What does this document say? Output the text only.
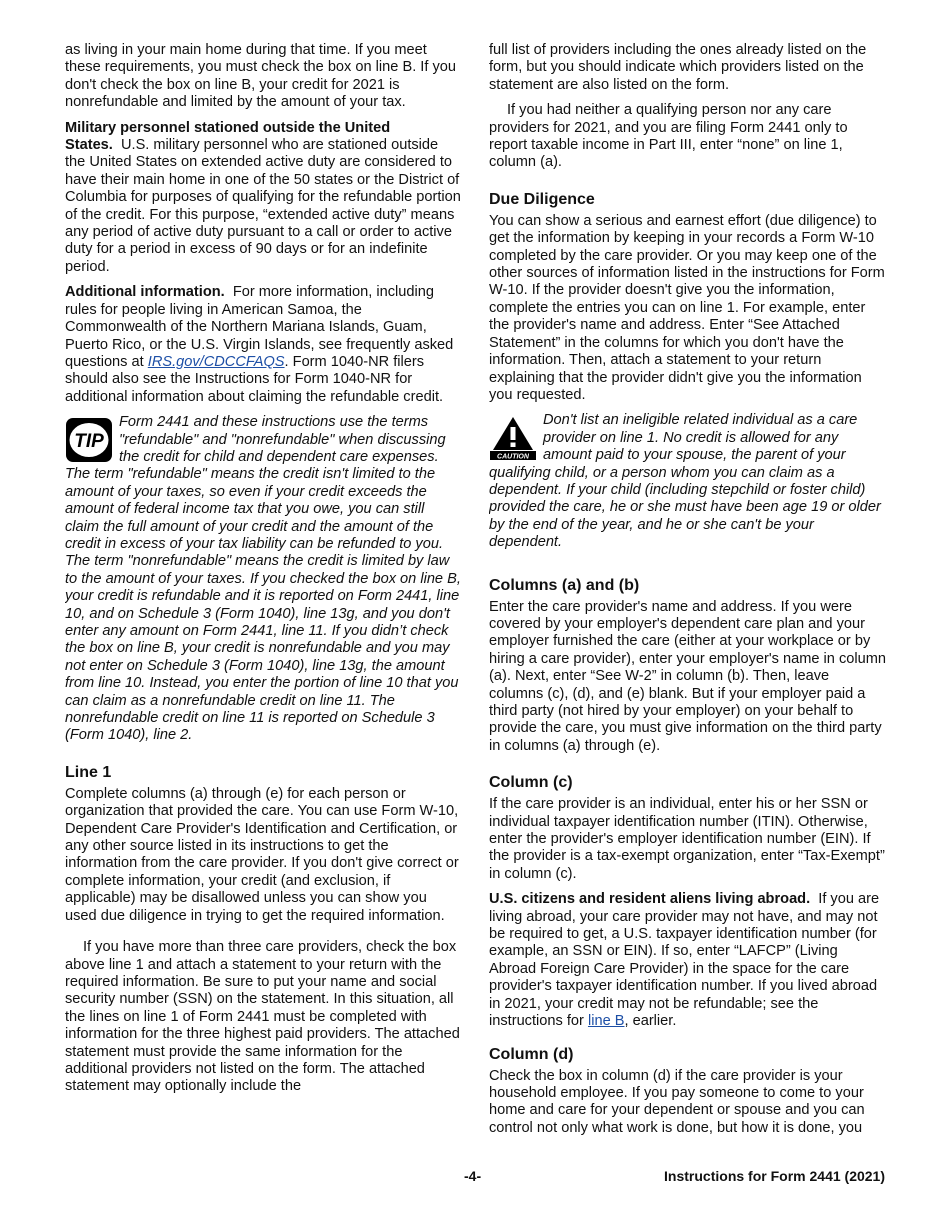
as living in your main home during that time. If you meet these requirements, you must check the box on line B. If you don't check the box on line B, your credit for 2021 is nonrefundable and limited by the amount of your tax.

Military personnel stationed outside the United States. U.S. military personnel who are stationed outside the United States on extended active duty are considered to have their main home in one of the 50 states or the District of Columbia for purposes of qualifying for the refundable portion of the credit. For this purpose, “extended active duty” means any period of active duty pursuant to a call or order to active duty for a period in excess of 90 days or for an indefinite period.

Additional information. For more information, including rules for people living in American Samoa, the Commonwealth of the Northern Mariana Islands, Guam, Puerto Rico, or the U.S. Virgin Islands, see frequently asked questions at IRS.gov/CDCCFAQS. Form 1040-NR filers should also see the Instructions for Form 1040-NR for additional information about claiming the refundable credit.

TIP
Form 2441 and these instructions use the terms "refundable" and "nonrefundable" when discussing the credit for child and dependent care expenses. The term "refundable" means the credit isn't limited to the amount of your taxes, so even if your credit exceeds the amount of federal income tax that you owe, you can still claim the full amount of your credit and the amount of the credit in excess of your tax liability can be refunded to you. The term "nonrefundable" means the credit is limited by law to the amount of your taxes. If you checked the box on line B, your credit is refundable and it is reported on Form 2441, line 10, and on Schedule 3 (Form 1040), line 13g, and you don't enter any amount on Form 2441, line 11. If you didn’t check the box on line B, your credit is nonrefundable and you may not enter on Schedule 3 (Form 1040), line 13g, the amount from line 10. Instead, you enter the portion of line 10 that you can claim as a nonrefundable credit on line 11. The nonrefundable credit on line 11 is reported on Schedule 3 (Form 1040), line 2.
Line 1

Complete columns (a) through (e) for each person or organization that provided the care. You can use Form W-10, Dependent Care Provider's Identification and Certification, or any other source listed in its instructions to get the information from the care provider. If you don't give correct or complete information, your credit (and exclusion, if applicable) may be disallowed unless you can show you used due diligence in trying to get the required information.

If you have more than three care providers, check the box above line 1 and attach a statement to your return with the required information. Be sure to put your name and social security number (SSN) on the statement. In this situation, all the lines on line 1 of Form 2441 must be completed with information for the three highest paid providers. The attached statement must provide the same information for the additional providers not listed on the form. The attached statement may optionally include the

full list of providers including the ones already listed on the form, but you should indicate which providers listed on the statement are also listed on the form.

If you had neither a qualifying person nor any care providers for 2021, and you are filing Form 2441 only to report taxable income in Part III, enter “none” on line 1, column (a).

Due Diligence

You can show a serious and earnest effort (due diligence) to get the information by keeping in your records a Form W-10 completed by the care provider. Or you may keep one of the other sources of information listed in the instructions for Form W-10. If the provider doesn't give you the information, complete the entries you can on line 1. For example, enter the provider's name and address. Enter “See Attached Statement” in the columns for which you don't have the information. Then, attach a statement to your return explaining that the provider didn't give you the information you requested.

CAUTION
Don't list an ineligible related individual as a care provider on line 1. No credit is allowed for any amount paid to your spouse, the parent of your qualifying child, or a person whom you can claim as a dependent. If your child (including stepchild or foster child) provided the care, he or she must have been age 19 or older by the end of the year, and he or she can't be your dependent.
Columns (a) and (b)

Enter the care provider's name and address. If you were covered by your employer's dependent care plan and your employer furnished the care (either at your workplace or by hiring a care provider), enter your employer's name in column (a). Next, enter “See W-2” in column (b). Then, leave columns (c), (d), and (e) blank. But if your employer paid a third party (not hired by your employer) on your behalf to provide the care, you must give information on the third party in columns (a) through (e).

Column (c)

If the care provider is an individual, enter his or her SSN or individual taxpayer identification number (ITIN). Otherwise, enter the provider's employer identification number (EIN). If the provider is a tax-exempt organization, enter “Tax-Exempt” in column (c).

U.S. citizens and resident aliens living abroad. If you are living abroad, your care provider may not have, and may not be required to get, a U.S. taxpayer identification number (for example, an SSN or EIN). If so, enter “LAFCP” (Living Abroad Foreign Care Provider) in the space for the care provider's taxpayer identification number. If you lived abroad in 2021, your credit may not be refundable; see the instructions for line B, earlier.

Column (d)

Check the box in column (d) if the care provider is your household employee. If you pay someone to come to your home and care for your dependent or spouse and you can control not only what work is done, but how it is done, you

-4-	Instructions for Form 2441 (2021)
